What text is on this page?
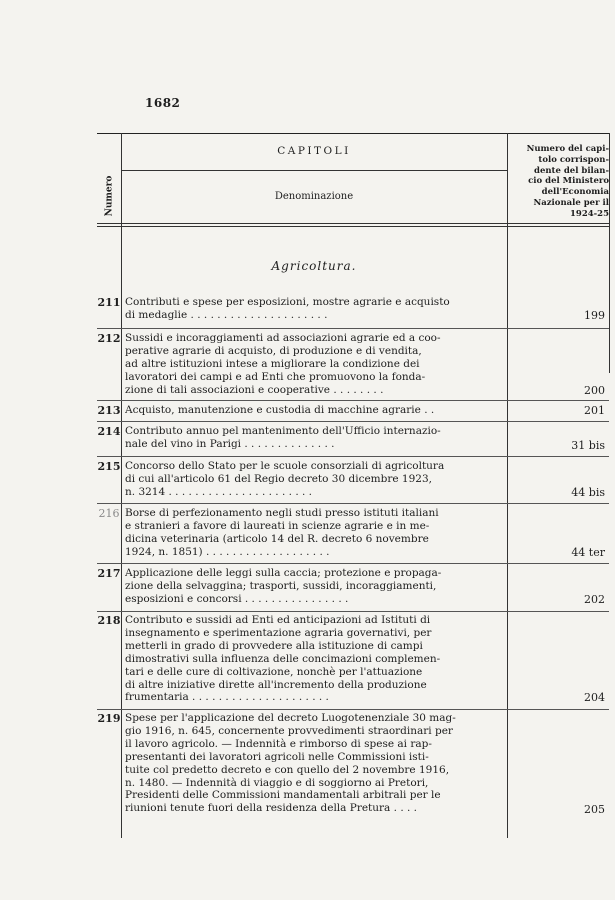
1682
Numero
CAPITOLI
Denominazione
Numero del capi-
tolo corrispon-
dente del bilan-
cio del Ministero
dell'Economia
Nazionale per il
1924-25
Agricoltura.
211 Contributi e spese per esposizioni, mostre agrarie e acquisto
di medaglie . . . . . . . . . . . . . . . . . . . . .	199
212 Sussidi e incoraggiamenti ad associazioni agrarie ed a coo-
perative agrarie di acquisto, di produzione e di vendita,
ad altre istituzioni intese a migliorare la condizione dei
lavoratori dei campi e ad Enti che promuovono la fonda-
zione di tali associazioni e cooperative . . . . . . . .	200
213 Acquisto, manutenzione e custodia di macchine agrarie . .	201
214 Contributo annuo pel mantenimento dell'Ufficio internazio-
nale del vino in Parigi . . . . . . . . . . . . . .	31 bis
215 Concorso dello Stato per le scuole consorziali di agricoltura
di cui all'articolo 61 del Regio decreto 30 dicembre 1923,
n. 3214 . . . . . . . . . . . . . . . . . . . . . .	44 bis
216 Borse di perfezionamento negli studi presso istituti italiani
e stranieri a favore di laureati in scienze agrarie e in me-
dicina veterinaria (articolo 14 del R. decreto 6 novembre
1924, n. 1851) . . . . . . . . . . . . . . . . . . .	44 ter
217 Applicazione delle leggi sulla caccia; protezione e propaga-
zione della selvaggina; trasporti, sussidi, incoraggiamenti,
esposizioni e concorsi . . . . . . . . . . . . . . . .	202
218 Contributo e sussidi ad Enti ed anticipazioni ad Istituti di
insegnamento e sperimentazione agraria governativi, per
metterli in grado di provvedere alla istituzione di campi
dimostrativi sulla influenza delle concimazioni complemen-
tari e delle cure di coltivazione, nonchè per l'attuazione
di altre iniziative dirette all'incremento della produzione
frumentaria . . . . . . . . . . . . . . . . . . . . .	204
219 Spese per l'applicazione del decreto Luogotenenziale 30 mag-
gio 1916, n. 645, concernente provvedimenti straordinari per
il lavoro agricolo. — Indennità e rimborso di spese ai rap-
presentanti dei lavoratori agricoli nelle Commissioni isti-
tuite col predetto decreto e con quello del 2 novembre 1916,
n. 1480. — Indennità di viaggio e di soggiorno ai Pretori,
Presidenti delle Commissioni mandamentali arbitrali per le
riunioni tenute fuori della residenza della Pretura . . . .	205
